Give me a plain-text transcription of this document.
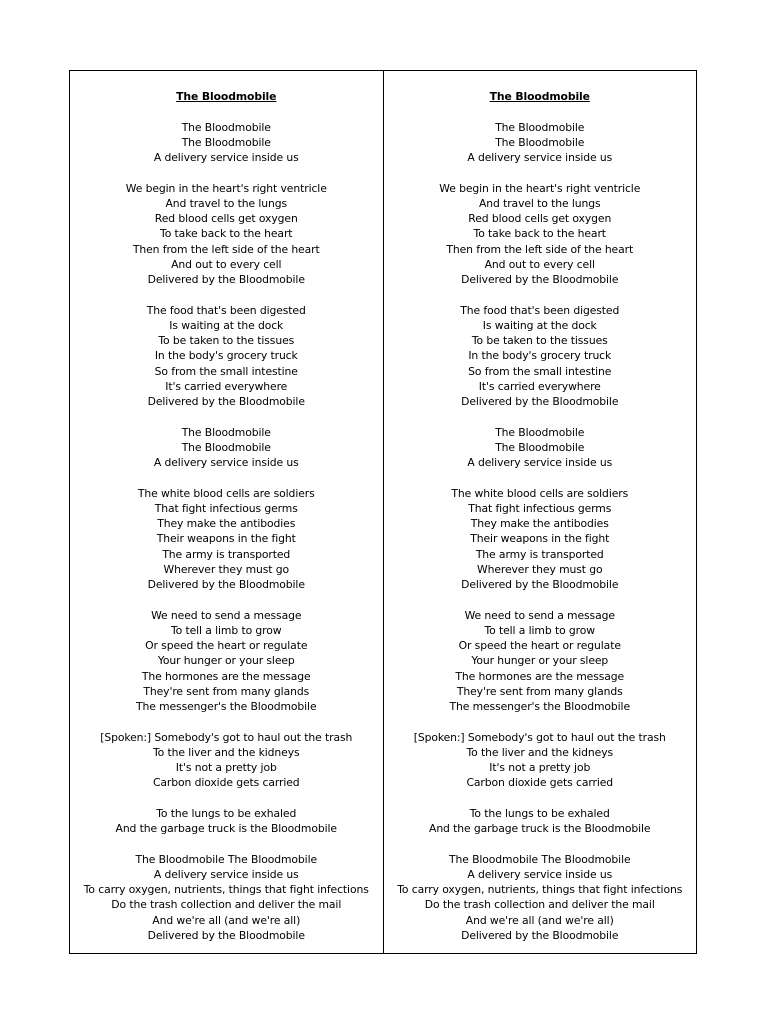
The Bloodmobile
The Bloodmobile
The Bloodmobile
A delivery service inside us
We begin in the heart's right ventricle
And travel to the lungs
Red blood cells get oxygen
To take back to the heart
Then from the left side of the heart
And out to every cell
Delivered by the Bloodmobile
The food that's been digested
Is waiting at the dock
To be taken to the tissues
In the body's grocery truck
So from the small intestine
It's carried everywhere
Delivered by the Bloodmobile
The Bloodmobile
The Bloodmobile
A delivery service inside us
The white blood cells are soldiers
That fight infectious germs
They make the antibodies
Their weapons in the fight
The army is transported
Wherever they must go
Delivered by the Bloodmobile
We need to send a message
To tell a limb to grow
Or speed the heart or regulate
Your hunger or your sleep
The hormones are the message
They're sent from many glands
The messenger's the Bloodmobile
[Spoken:] Somebody's got to haul out the trash
To the liver and the kidneys
It's not a pretty job
Carbon dioxide gets carried
To the lungs to be exhaled
And the garbage truck is the Bloodmobile
The Bloodmobile The Bloodmobile
A delivery service inside us
To carry oxygen, nutrients, things that fight infections
Do the trash collection and deliver the mail
And we're all (and we're all)
Delivered by the Bloodmobile
The Bloodmobile
The Bloodmobile
The Bloodmobile
A delivery service inside us
We begin in the heart's right ventricle
And travel to the lungs
Red blood cells get oxygen
To take back to the heart
Then from the left side of the heart
And out to every cell
Delivered by the Bloodmobile
The food that's been digested
Is waiting at the dock
To be taken to the tissues
In the body's grocery truck
So from the small intestine
It's carried everywhere
Delivered by the Bloodmobile
The Bloodmobile
The Bloodmobile
A delivery service inside us
The white blood cells are soldiers
That fight infectious germs
They make the antibodies
Their weapons in the fight
The army is transported
Wherever they must go
Delivered by the Bloodmobile
We need to send a message
To tell a limb to grow
Or speed the heart or regulate
Your hunger or your sleep
The hormones are the message
They're sent from many glands
The messenger's the Bloodmobile
[Spoken:] Somebody's got to haul out the trash
To the liver and the kidneys
It's not a pretty job
Carbon dioxide gets carried
To the lungs to be exhaled
And the garbage truck is the Bloodmobile
The Bloodmobile The Bloodmobile
A delivery service inside us
To carry oxygen, nutrients, things that fight infections
Do the trash collection and deliver the mail
And we're all (and we're all)
Delivered by the Bloodmobile
